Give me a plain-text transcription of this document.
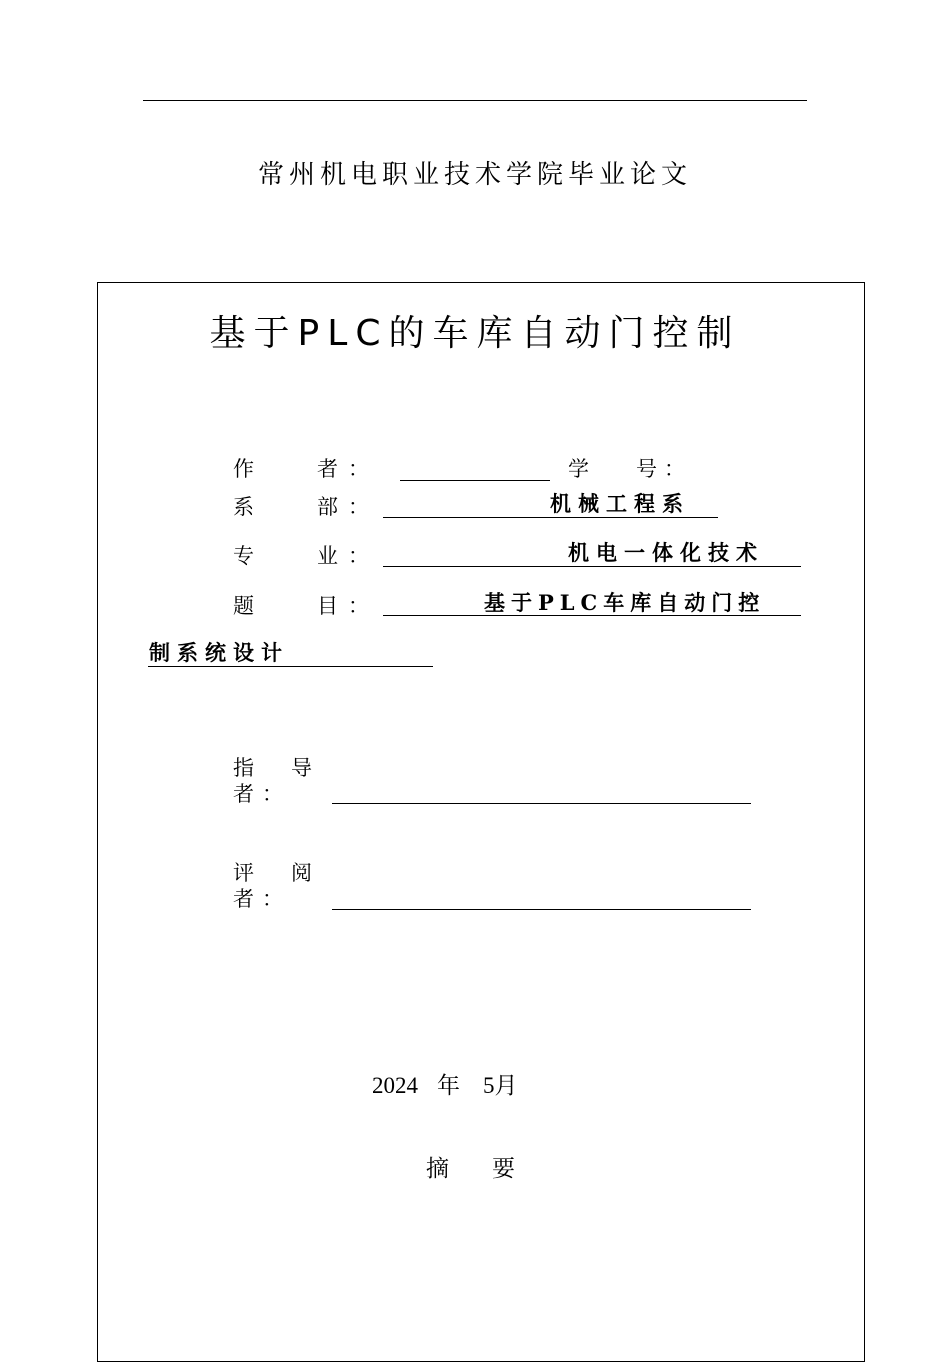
常州机电职业技术学院毕业论文
基于PLC的车库自动门控制
作	者 ：	学 号 ：
系	部 ：	机械工程系
专	业 ：	机电一体化技术
题	目 ：	基于PLC车库自动门控
制系统设计
指 导
者 ：
评 阅
者 ：
2024 年 5月
摘 要
